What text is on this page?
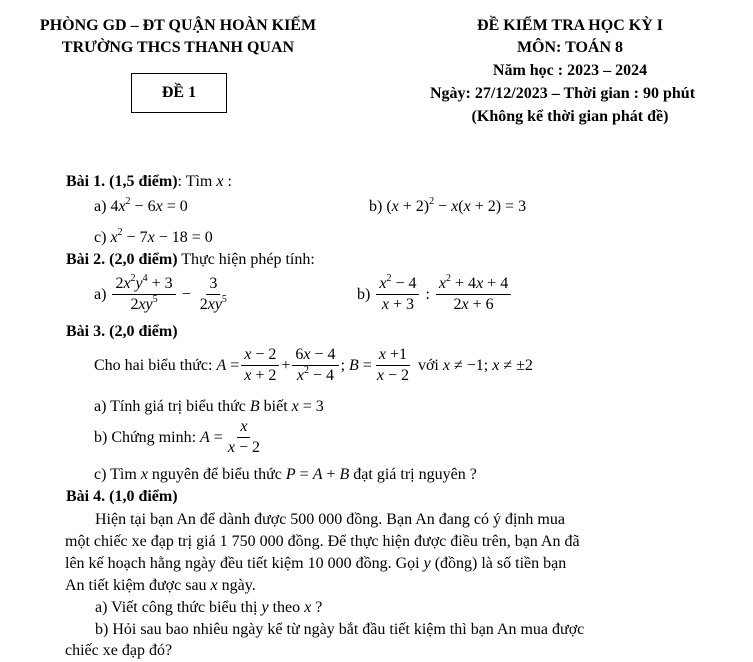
PHÒNG GD – ĐT QUẬN HOÀN KIẾM
TRƯỜNG THCS THANH QUAN
ĐỀ 1
ĐỀ KIỂM TRA HỌC KỲ I
MÔN: TOÁN 8
Năm học : 2023 – 2024
Ngày: 27/12/2023 – Thời gian : 90 phút
(Không kể thời gian phát đề)
Bài 1. (1,5 điểm): Tìm x :
a) $4x^2 - 6x = 0$	b) $(x + 2)^2 - x(x + 2) = 3$
c) $x^2 - 7x - 18 = 0$
Bài 2. (2,0 điểm) Thực hiện phép tính:
a)
$\frac{2x^2y^4 + 3}{2xy^5} - \frac{3}{2xy^5}$	b)
$\frac{x^2 - 4}{x + 3}$ : $\frac{x^2 + 4x + 4}{2x + 6}$
Bài 3. (2,0 điểm)
Cho hai biểu thức:
$A = \frac{x - 2}{x + 2} + \frac{6x - 4}{x^2 - 4}$ ; $B = \frac{x +1}{x - 2}$
với
x ≠ −1; x ≠ ±2
a) Tính giá trị biểu thức B biết x = 3
b) Chứng minh:
$A = \frac{x}{x - 2}$
c) Tìm x nguyên để biểu thức P = A + B đạt giá trị nguyên ?
Bài 4. (1,0 điểm)
Hiện tại bạn An để dành được 500 000 đồng. Bạn An đang có ý định mua
một chiếc xe đạp trị giá 1 750 000 đồng. Để thực hiện được điều trên, bạn An đã
lên kế hoạch hằng ngày đều tiết kiệm 10 000 đồng. Gọi y (đồng) là số tiền bạn
An tiết kiệm được sau x ngày.
a) Viết công thức biểu thị y theo x ?
b) Hỏi sau bao nhiêu ngày kể từ ngày bắt đầu tiết kiệm thì bạn An mua được
chiếc xe đạp đó?
